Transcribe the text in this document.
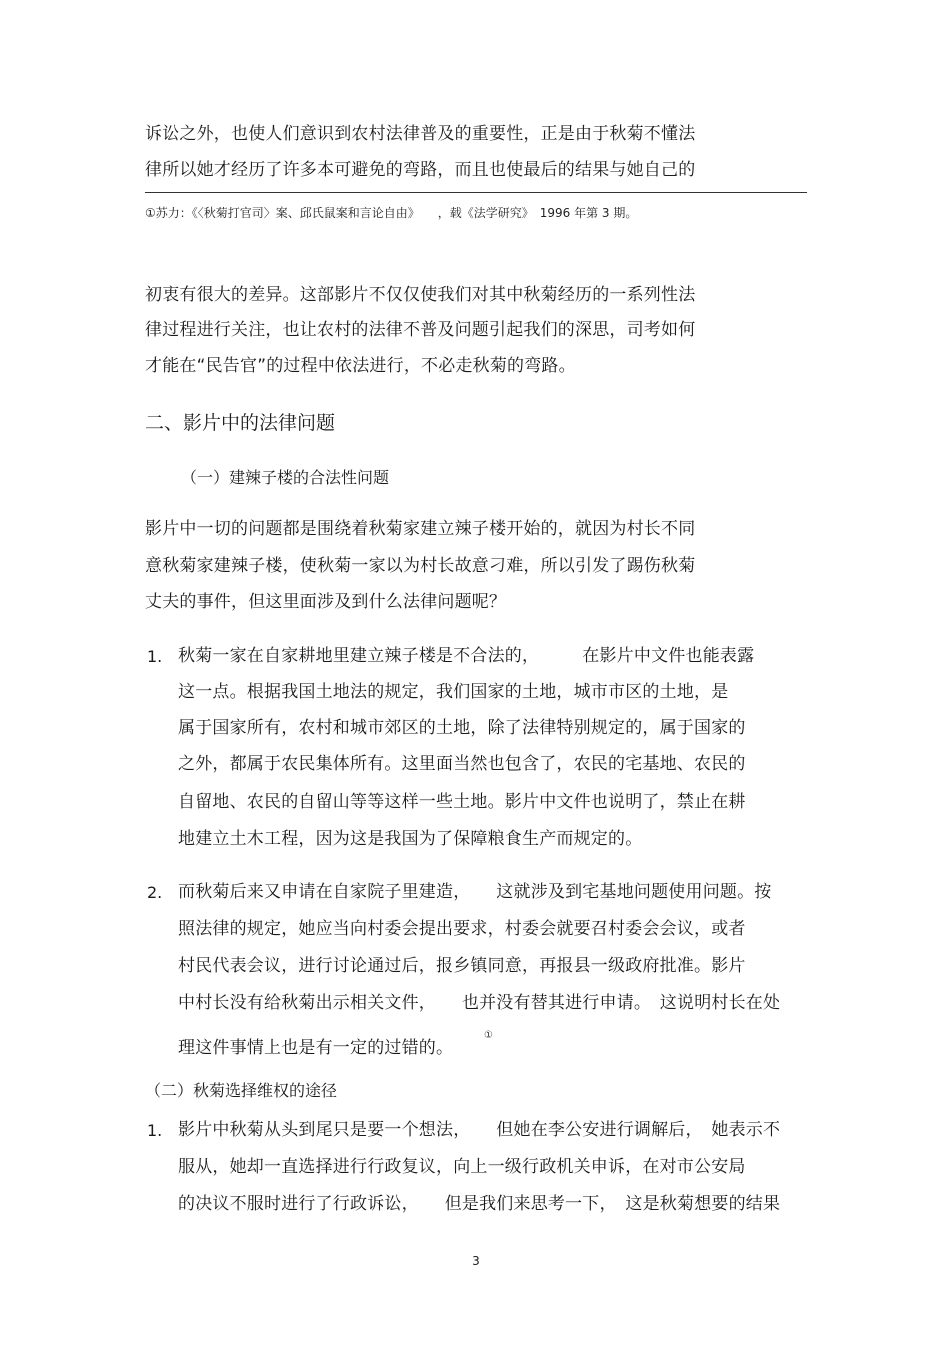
诉讼之外，也使人们意识到农村法律普及的重要性，正是由于秋菊不懂法
律所以她才经历了许多本可避免的弯路，而且也使最后的结果与她自己的
①苏力：《〈秋菊打官司〉案、邱氏鼠案和言论自由》　　，载《法学研究》　1996 年第 3 期。
初衷有很大的差异。这部影片不仅仅使我们对其中秋菊经历的一系列性法
律过程进行关注，也让农村的法律不普及问题引起我们的深思，司考如何
才能在“民告官”的过程中依法进行，不必走秋菊的弯路。
二、影片中的法律问题
（一）建辣子楼的合法性问题
影片中一切的问题都是围绕着秋菊家建立辣子楼开始的，就因为村长不同
意秋菊家建辣子楼，使秋菊一家以为村长故意刁难，所以引发了踢伤秋菊
丈夫的事件，但这里面涉及到什么法律问题呢？
1. 秋菊一家在自家耕地里建立辣子楼是不合法的，　　　在影片中文件也能表露
这一点。根据我国土地法的规定，我们国家的土地，城市市区的土地，是
属于国家所有，农村和城市郊区的土地，除了法律特别规定的，属于国家的
之外，都属于农民集体所有。这里面当然也包含了，农民的宅基地、农民的
自留地、农民的自留山等等这样一些土地。影片中文件也说明了，禁止在耕
地建立土木工程，因为这是我国为了保障粮食生产而规定的。
2. 而秋菊后来又申请在自家院子里建造，　　这就涉及到宅基地问题使用问题。按
照法律的规定，她应当向村委会提出要求，村委会就要召村委会会议，或者
村民代表会议，进行讨论通过后，报乡镇同意，再报县一级政府批准。影片
中村长没有给秋菊出示相关文件，　　也并没有替其进行申请。　这说明村长在处
理这件事情上也是有一定的过错的。
①
（二）秋菊选择维权的途径
1. 影片中秋菊从头到尾只是要一个想法，　　但她在李公安进行调解后，　她表示不
服从，她却一直选择进行行政复议，向上一级行政机关申诉，在对市公安局
的决议不服时进行了行政诉讼，　　但是我们来思考一下，　这是秋菊想要的结果
3
